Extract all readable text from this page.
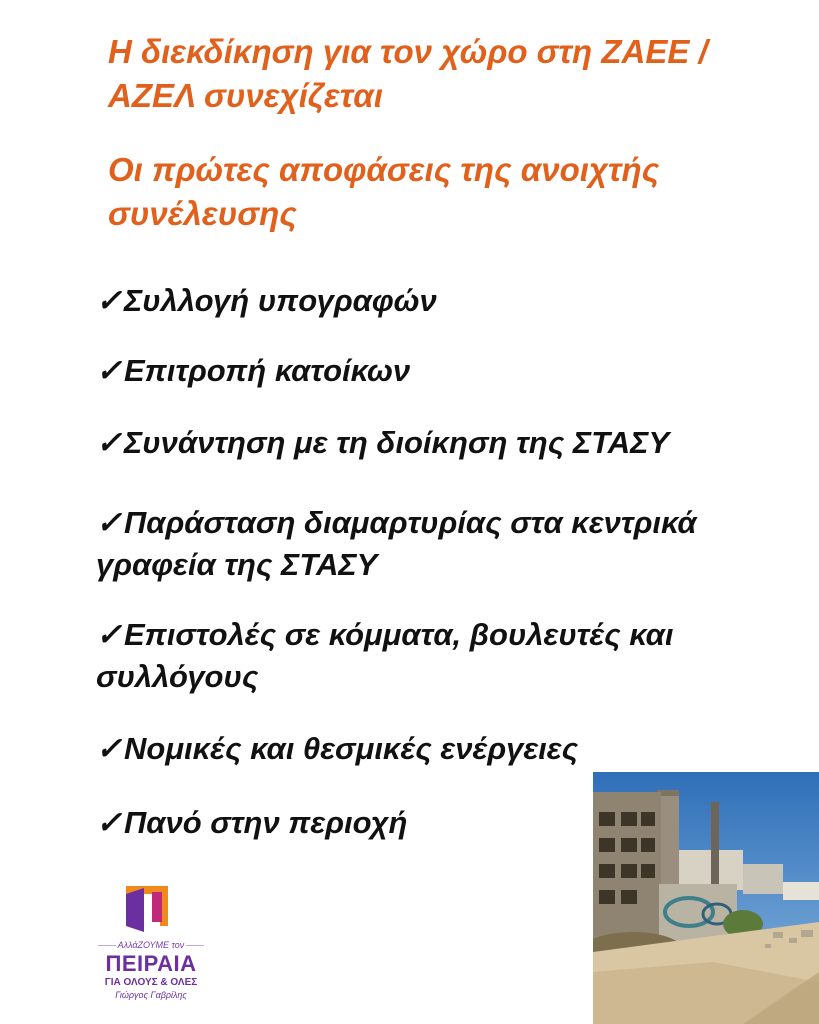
Η διεκδίκηση για τον χώρο στη ΖΑΕΕ / ΑΖΕΛ συνεχίζεται
Οι πρώτες αποφάσεις της ανοιχτής συνέλευσης

✓Συλλογή υπογραφών

✓Επιτροπή κατοίκων

✓Συνάντηση με τη διοίκηση της ΣΤΑΣΥ

✓Παράσταση διαμαρτυρίας στα κεντρικά γραφεία της ΣΤΑΣΥ

✓Επιστολές σε κόμματα, βουλευτές και συλλόγους

✓Νομικές και θεσμικές ενέργειες

✓Πανό στην περιοχή

ΑλλάΖΟΥΜΕ τον
ΠΕΙΡΑΙΑ
ΓΙΑ ΟΛΟΥΣ & ΟΛΕΣ
Γιώργος Γαβρίλης
